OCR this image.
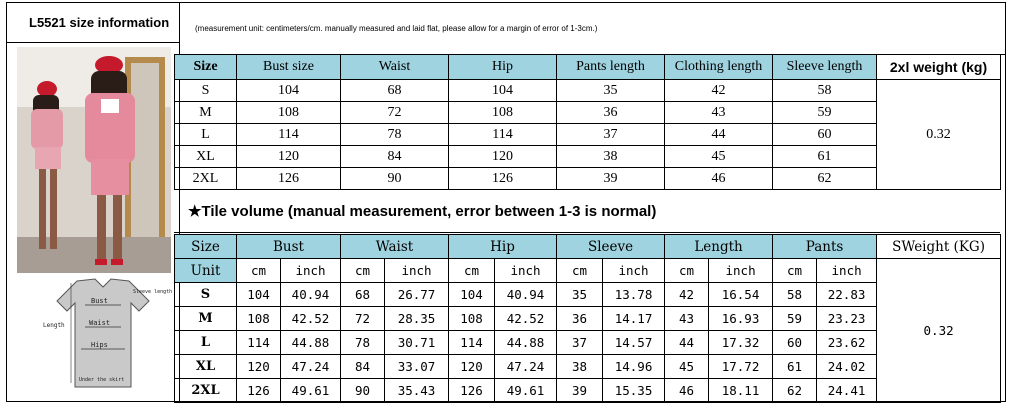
L5521 size information
Bust
Waist
Hips
Length
Sleeve length
Under the skirt
(measurement unit: centimeters/cm. manually measured and laid flat, please allow for a margin of error of 1-3cm.)
Size	Bust size	Waist	Hip	Pants length	Clothing length	Sleeve length	2xl weight (kg)
S	104	68	104	35	42	58	0.32
M	108	72	108	36	43	59	
L	114	78	114	37	44	60	
XL	120	84	120	38	45	61	
2XL	126	90	126	39	46	62	
★Tile volume (manual measurement, error between 1-3 is normal)
Size	Bust		Waist		Hip		Sleeve		Length		Pants		SWeight (KG)
Unit	cm	inch	cm	inch	cm	inch	cm	inch	cm	inch	cm	inch	0.32
S	104	40.94	68	26.77	104	40.94	35	13.78	42	16.54	58	22.83	
M	108	42.52	72	28.35	108	42.52	36	14.17	43	16.93	59	23.23	
L	114	44.88	78	30.71	114	44.88	37	14.57	44	17.32	60	23.62	
XL	120	47.24	84	33.07	120	47.24	38	14.96	45	17.72	61	24.02	
2XL	126	49.61	90	35.43	126	49.61	39	15.35	46	18.11	62	24.41	
